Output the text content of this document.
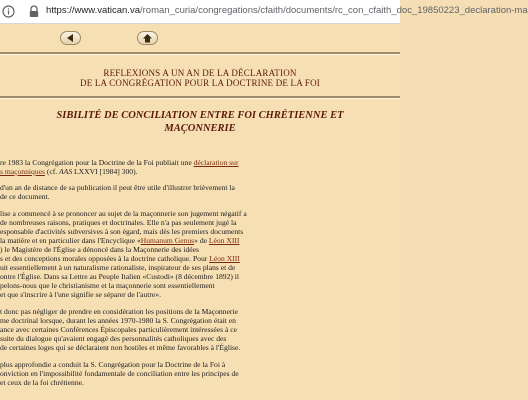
https://www.vatican.va/roman_curia/congregations/cfaith/documents/rc_con_cfaith_doc_19850223_declaration-ma
REFLEXIONS A UN AN DE LA DÉCLARATION
DE LA CONGRÉGATION POUR LA DOCTRINE DE LA FOI
SIBILITÉ DE CONCILIATION ENTRE FOI CHRÉTIENNE ET
MAÇONNERIE
re 1983 la Congrégation pour la Doctrine de la Foi publiait une déclaration sur
s maçonniques (cf. AAS LXXVI [1984] 300).
d'un an de distance de sa publication il peut être utile d'illustrer brièvement la
de ce document.
lise a commencé à se prononcer au sujet de la maçonnerie son jugement négatif a
de nombreuses raisons, pratiques et doctrinales. Elle n'a pas seulement jugé la
esponsable d'activités subversives à son égard, mais dès les premiers documents
la matière et en particulier dans l'Encyclique «Humanum Genus» de Léon XIII
) le Magistère de l'Église a dénoncé dans la Maçonnerie des idées
s et des conceptions morales opposées à la doctrine catholique. Pour Léon XIII
uit essentiellement à un naturalisme rationaliste, inspirateur de ses plans et de
ontre l'Église. Dans sa Lettre au Peuple Italien «Custodi» (8 décembre 1892) il
pelons-nous que le christianisme et la maçonnerie sont essentiellement
et que s'inscrire à l'une signifie se séparer de l'autre».
t donc pas négliger de prendre en considération les positions de la Maçonnerie
me doctrinal lorsque, durant les années 1970-1980 la S. Congrégation était en
ance avec certaines Conférences Épiscopales particulièrement intéressées à ce
suite du dialogue qu'avaient engagé des personnalités catholiques avec des
de certaines loges qui se déclaraient non hostiles et même favorables à l'Église.
plus approfondie a conduit la S. Congrégation pour la Doctrine de la Foi à
onviction en l'impossibilité fondamentale de conciliation entre les principes de
et ceux de la foi chrétienne.
